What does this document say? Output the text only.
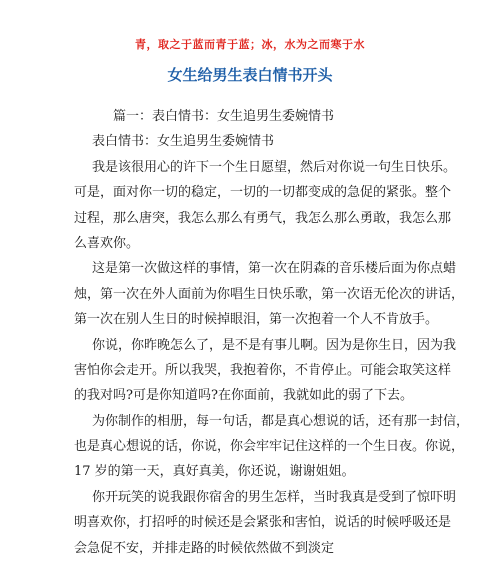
青，取之于蓝而青于蓝；冰，水为之而寒于水
女生给男生表白情书开头
篇一：表白情书：女生追男生委婉情书
表白情书：女生追男生委婉情书
我是该很用心的许下一个生日愿望，然后对你说一句生日快乐。
可是，面对你一切的稳定，一切的一切都变成的急促的紧张。整个
过程，那么唐突，我怎么那么有勇气，我怎么那么勇敢，我怎么那
么喜欢你。
这是第一次做这样的事情，第一次在阴森的音乐楼后面为你点蜡
烛，第一次在外人面前为你唱生日快乐歌，第一次语无伦次的讲话，
第一次在别人生日的时候掉眼泪，第一次抱着一个人不肯放手。
你说，你昨晚怎么了，是不是有事儿啊。因为是你生日，因为我
害怕你会走开。所以我哭，我抱着你，不肯停止。可能会取笑这样
的我对吗?可是你知道吗?在你面前，我就如此的弱了下去。
为你制作的相册，每一句话，都是真心想说的话，还有那一封信，
也是真心想说的话，你说，你会牢牢记住这样的一个生日夜。你说，
17 岁的第一天，真好真美，你还说，谢谢姐姐。
你开玩笑的说我跟你宿舍的男生怎样，当时我真是受到了惊吓明
明喜欢你，打招呼的时候还是会紧张和害怕，说话的时候呼吸还是
会急促不安，并排走路的时候依然做不到淡定
